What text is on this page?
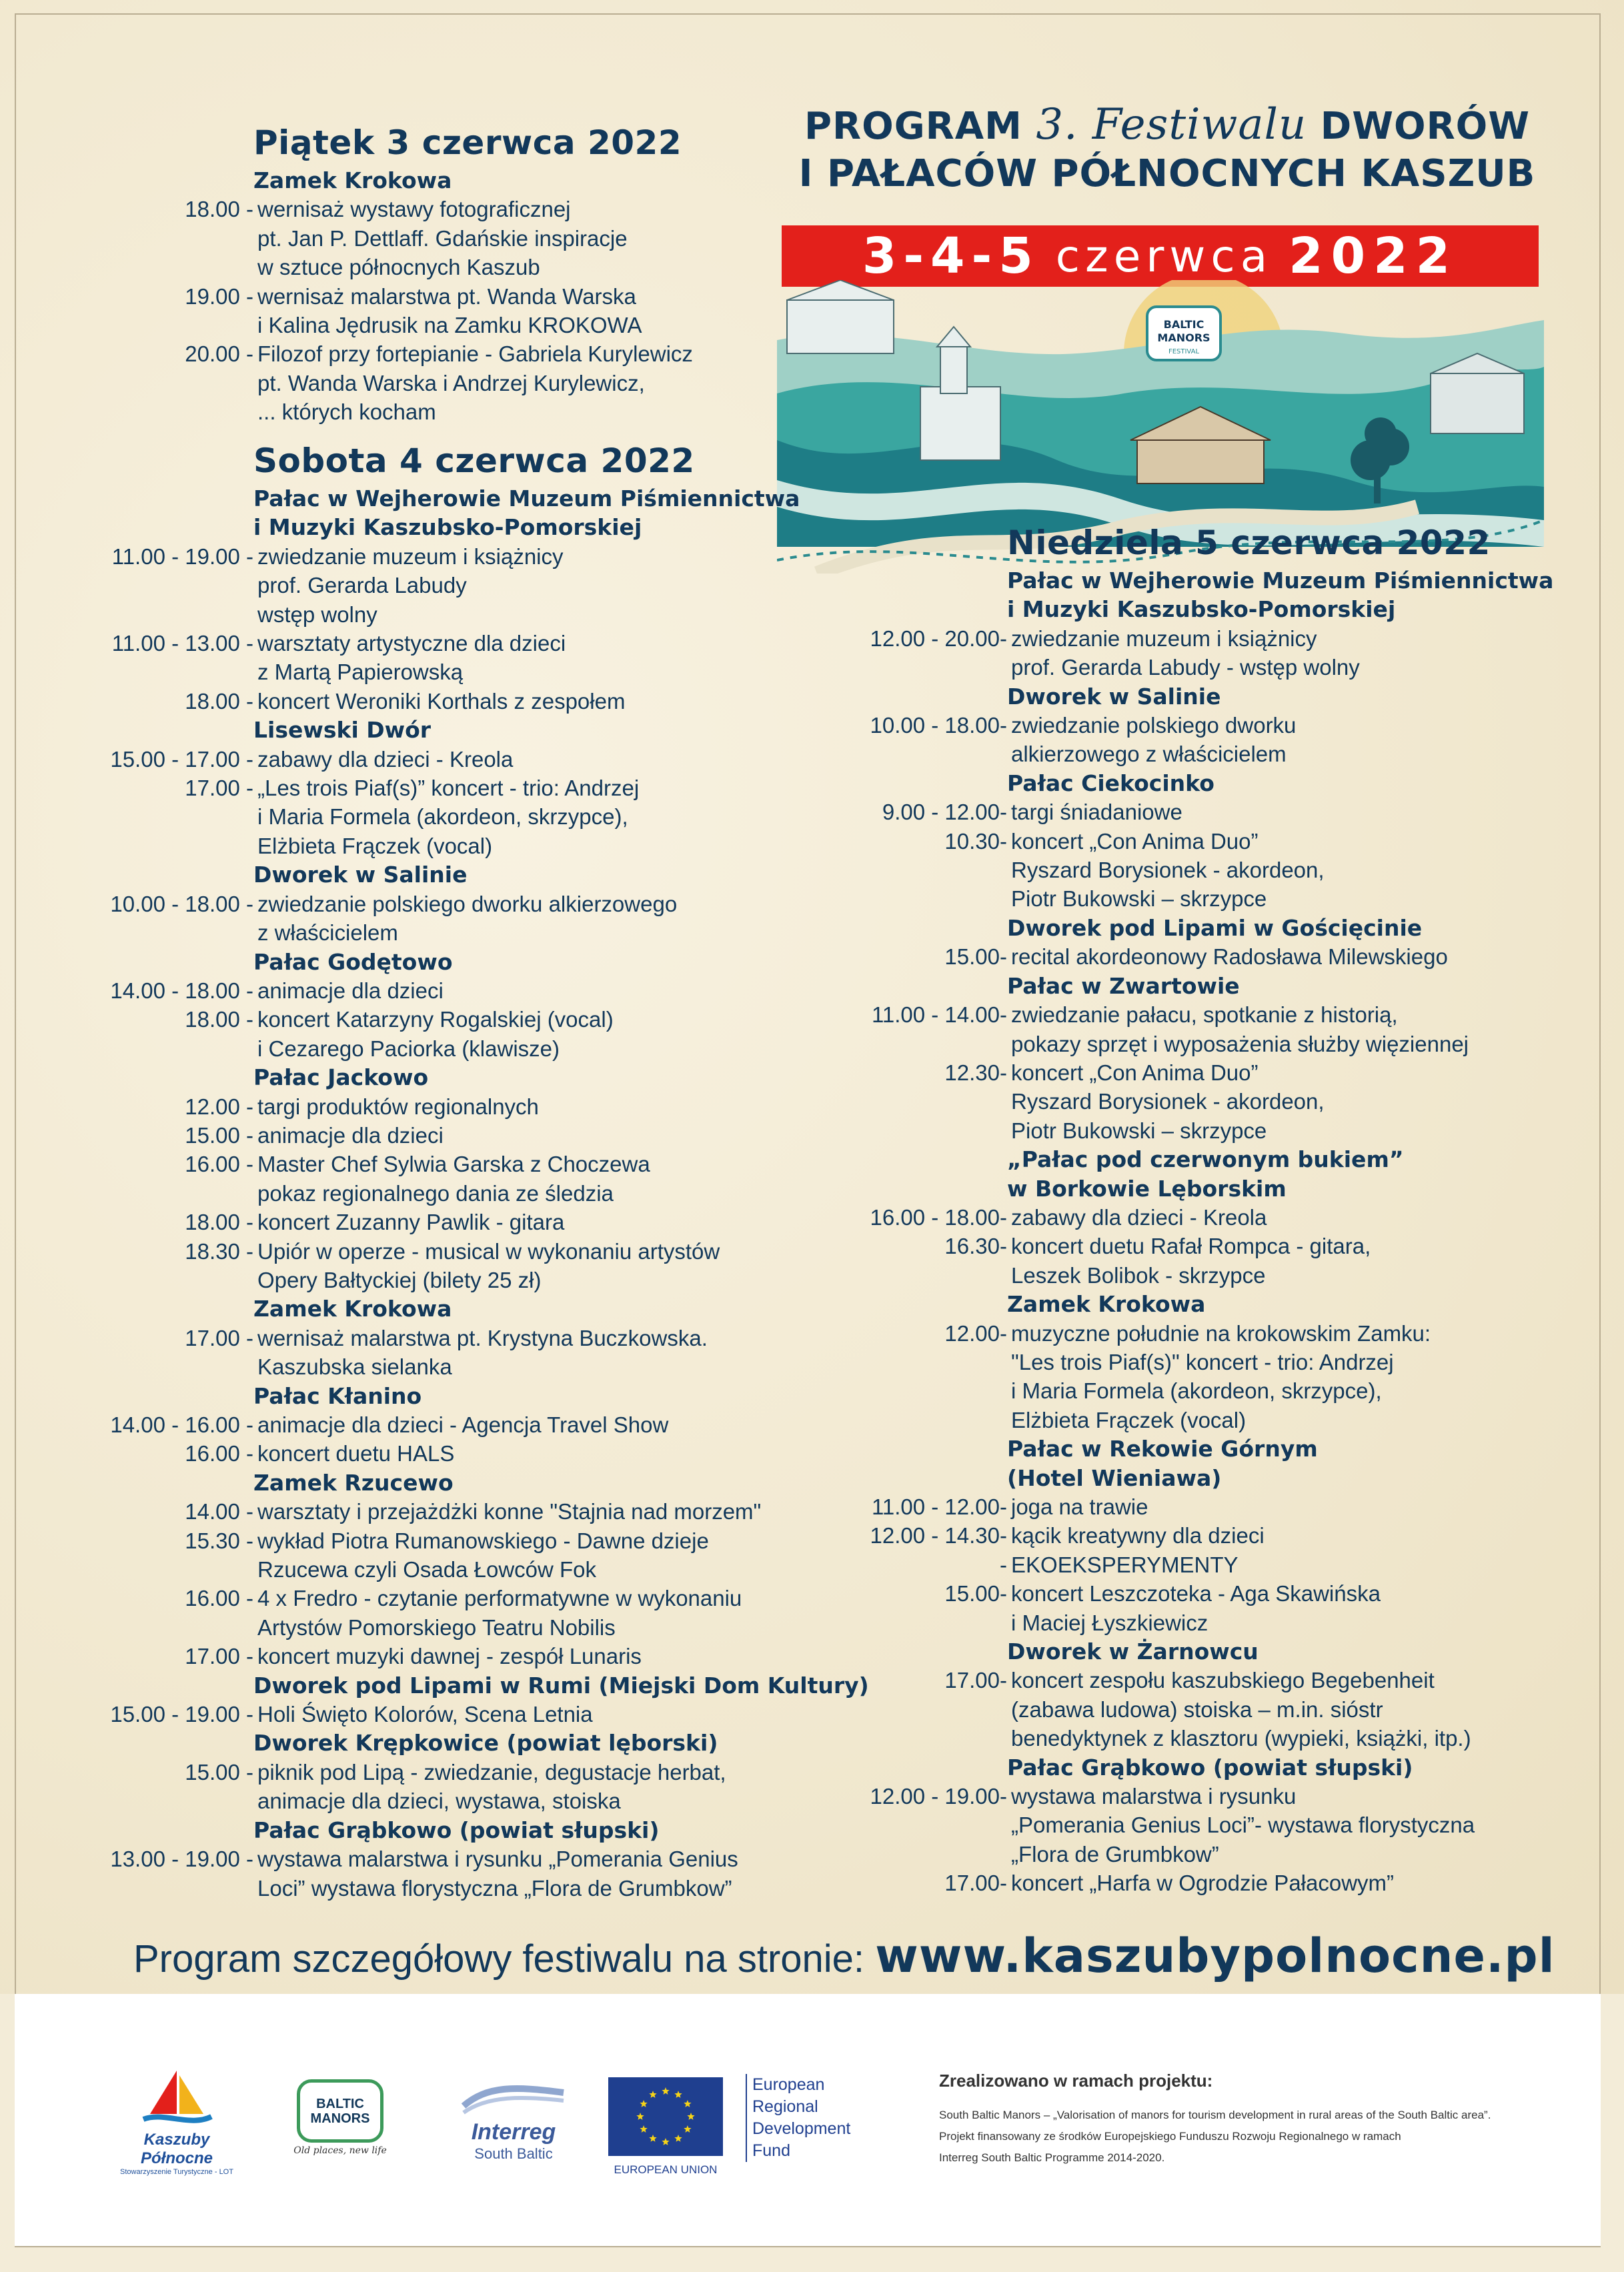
PROGRAM 3. Festiwalu DWORÓW
I PAŁACÓW PÓŁNOCNYCH KASZUB
3-4-5 czerwca 2022
BALTIC
MANORS
FESTIVAL
Piątek 3 czerwca 2022
Zamek Krokowa
18.00 - wernisaż wystawy fotograficznej
pt. Jan P. Dettlaff. Gdańskie inspiracje
w sztuce północnych Kaszub
19.00 - wernisaż malarstwa pt. Wanda Warska
i Kalina Jędrusik na Zamku KROKOWA
20.00 - Filozof przy fortepianie - Gabriela Kurylewicz
pt. Wanda Warska i Andrzej Kurylewicz,
... których kocham
Sobota 4 czerwca 2022
Pałac w Wejherowie Muzeum Piśmiennictwa
i Muzyki Kaszubsko-Pomorskiej
11.00 - 19.00 - zwiedzanie muzeum i książnicy
prof. Gerarda Labudy
wstęp wolny
11.00 - 13.00 - warsztaty artystyczne dla dzieci
z Martą Papierowską
18.00 - koncert Weroniki Korthals z zespołem
Lisewski Dwór
15.00 - 17.00 - zabawy dla dzieci - Kreola
17.00 - „Les trois Piaf(s)” koncert - trio: Andrzej
i Maria Formela (akordeon, skrzypce),
Elżbieta Frączek (vocal)
Dworek w Salinie
10.00 - 18.00 - zwiedzanie polskiego dworku alkierzowego
z właścicielem
Pałac Godętowo
14.00 - 18.00 - animacje dla dzieci
18.00 - koncert Katarzyny Rogalskiej (vocal)
i Cezarego Paciorka (klawisze)
Pałac Jackowo
12.00 - targi produktów regionalnych
15.00 - animacje dla dzieci
16.00 - Master Chef Sylwia Garska z Choczewa
pokaz regionalnego dania ze śledzia
18.00 - koncert Zuzanny Pawlik - gitara
18.30 - Upiór w operze - musical w wykonaniu artystów
Opery Bałtyckiej (bilety 25 zł)
Zamek Krokowa
17.00 - wernisaż malarstwa pt. Krystyna Buczkowska.
Kaszubska sielanka
Pałac Kłanino
14.00 - 16.00 - animacje dla dzieci - Agencja Travel Show
16.00 - koncert duetu HALS
Zamek Rzucewo
14.00 - warsztaty i przejażdżki konne "Stajnia nad morzem"
15.30 - wykład Piotra Rumanowskiego - Dawne dzieje
Rzucewa czyli Osada Łowców Fok
16.00 - 4 x Fredro - czytanie performatywne w wykonaniu
Artystów Pomorskiego Teatru Nobilis
17.00 - koncert muzyki dawnej - zespół Lunaris
Dworek pod Lipami w Rumi (Miejski Dom Kultury)
15.00 - 19.00 - Holi Święto Kolorów, Scena Letnia
Dworek Krępkowice (powiat lęborski)
15.00 - piknik pod Lipą - zwiedzanie, degustacje herbat,
animacje dla dzieci, wystawa, stoiska
Pałac Grąbkowo (powiat słupski)
13.00 - 19.00 - wystawa malarstwa i rysunku „Pomerania Genius
Loci” wystawa florystyczna „Flora de Grumbkow”
Niedziela 5 czerwca 2022
Pałac w Wejherowie Muzeum Piśmiennictwa
i Muzyki Kaszubsko-Pomorskiej
12.00 - 20.00- zwiedzanie muzeum i książnicy
prof. Gerarda Labudy - wstęp wolny
Dworek w Salinie
10.00 - 18.00- zwiedzanie polskiego dworku
alkierzowego z właścicielem
Pałac Ciekocinko
9.00 - 12.00- targi śniadaniowe
10.30- koncert „Con Anima Duo”
Ryszard Borysionek - akordeon,
Piotr Bukowski – skrzypce
Dworek pod Lipami w Gościęcinie
15.00- recital akordeonowy Radosława Milewskiego
Pałac w Zwartowie
11.00 - 14.00- zwiedzanie pałacu, spotkanie z historią,
pokazy sprzęt i wyposażenia służby więziennej
12.30- koncert „Con Anima Duo”
Ryszard Borysionek - akordeon,
Piotr Bukowski – skrzypce
„Pałac pod czerwonym bukiem”
w Borkowie Lęborskim
16.00 - 18.00- zabawy dla dzieci - Kreola
16.30- koncert duetu Rafał Rompca - gitara,
Leszek Bolibok - skrzypce
Zamek Krokowa
12.00- muzyczne południe na krokowskim Zamku:
"Les trois Piaf(s)" koncert - trio: Andrzej
i Maria Formela (akordeon, skrzypce),
Elżbieta Frączek (vocal)
Pałac w Rekowie Górnym
(Hotel Wieniawa)
11.00 - 12.00- joga na trawie
12.00 - 14.30- kącik kreatywny dla dzieci
- EKOEKSPERYMENTY
15.00- koncert Leszczoteka - Aga Skawińska
i Maciej Łyszkiewicz
Dworek w Żarnowcu
17.00- koncert zespołu kaszubskiego Begebenheit
(zabawa ludowa) stoiska – m.in. sióstr
benedyktynek z klasztoru (wypieki, książki, itp.)
Pałac Grąbkowo (powiat słupski)
12.00 - 19.00- wystawa malarstwa i rysunku
„Pomerania Genius Loci”- wystawa florystyczna
„Flora de Grumbkow”
17.00- koncert „Harfa w Ogrodzie Pałacowym”
Program szczegółowy festiwalu na stronie: www.kaszubypolnocne.pl
Kaszuby Północne
Stowarzyszenie Turystyczne - LOT
BALTIC
MANORS
Old places, new life
Interreg
South Baltic
EUROPEAN UNION
European
Regional
Development
Fund
Zrealizowano w ramach projektu:
South Baltic Manors – „Valorisation of manors for tourism development in rural areas of the South Baltic area”.
Projekt finansowany ze środków Europejskiego Funduszu Rozwoju Regionalnego w ramach
Interreg South Baltic Programme 2014-2020.
